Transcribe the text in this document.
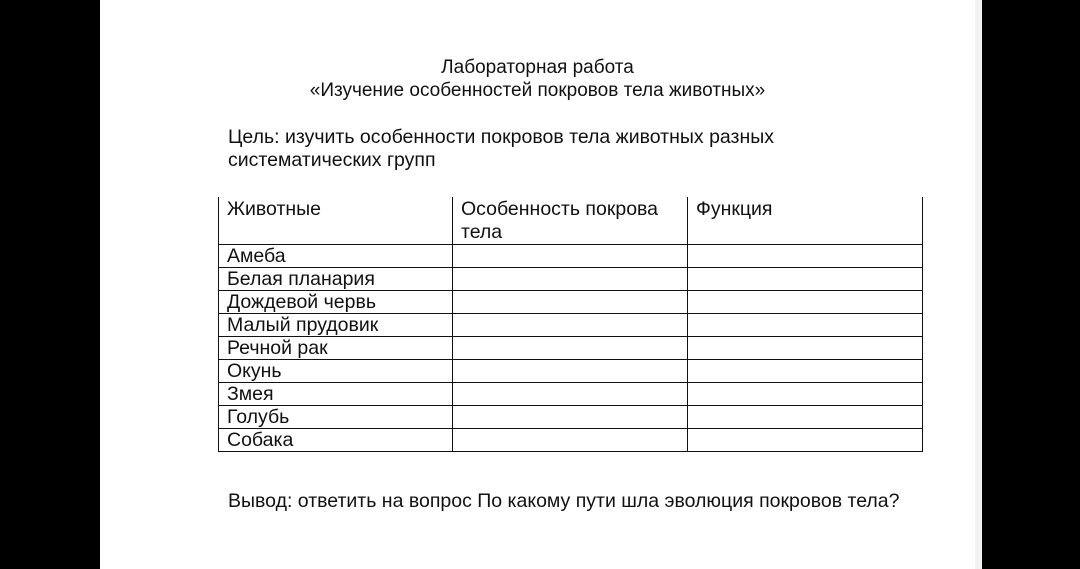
Лабораторная работа
«Изучение особенностей покровов тела животных»
Цель: изучить особенности покровов тела животных разных систематических групп
Животные	Особенность покрова тела	Функция
Амеба		
Белая планария		
Дождевой червь		
Малый прудовик		
Речной рак		
Окунь		
Змея		
Голубь		
Собака		
Вывод: ответить на вопрос По какому пути шла эволюция покровов тела?
